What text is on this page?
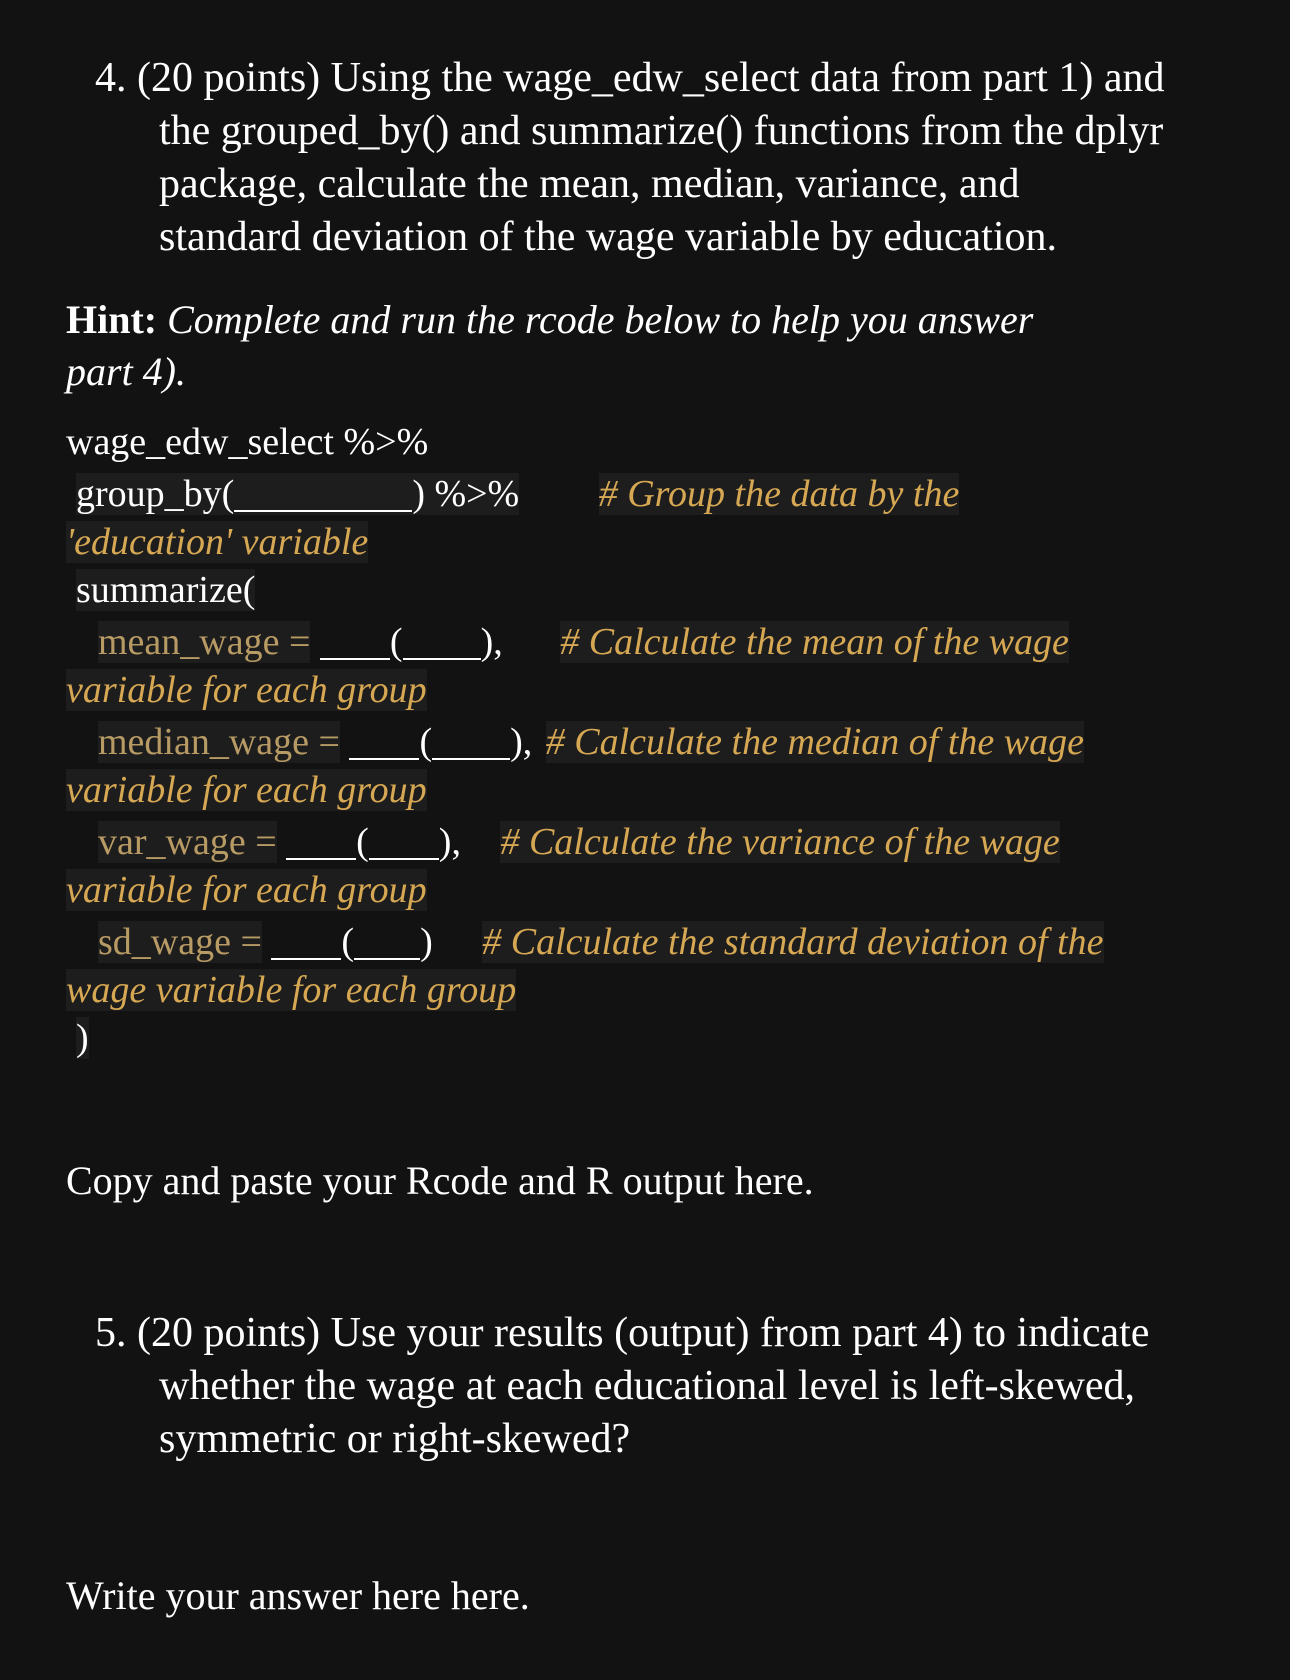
4. (20 points) Using the wage_edw_select data from part 1) and
the grouped_by() and summarize() functions from the dplyr
package, calculate the mean, median, variance, and
standard deviation of the wage variable by education.
Hint: Complete and run the rcode below to help you answer
part 4).
wage_edw_select %>%
group_by(	) %>% # Group the data by the
'education' variable
summarize(
mean_wage = ( ), # Calculate the mean of the wage
variable for each group
median_wage = ( ), # Calculate the median of the wage
variable for each group
var_wage = ( ), # Calculate the variance of the wage
variable for each group
sd_wage = ( ) # Calculate the standard deviation of the
wage variable for each group
)
Copy and paste your Rcode and R output here.
5. (20 points) Use your results (output) from part 4) to indicate
whether the wage at each educational level is left-skewed,
symmetric or right-skewed?
Write your answer here here.
